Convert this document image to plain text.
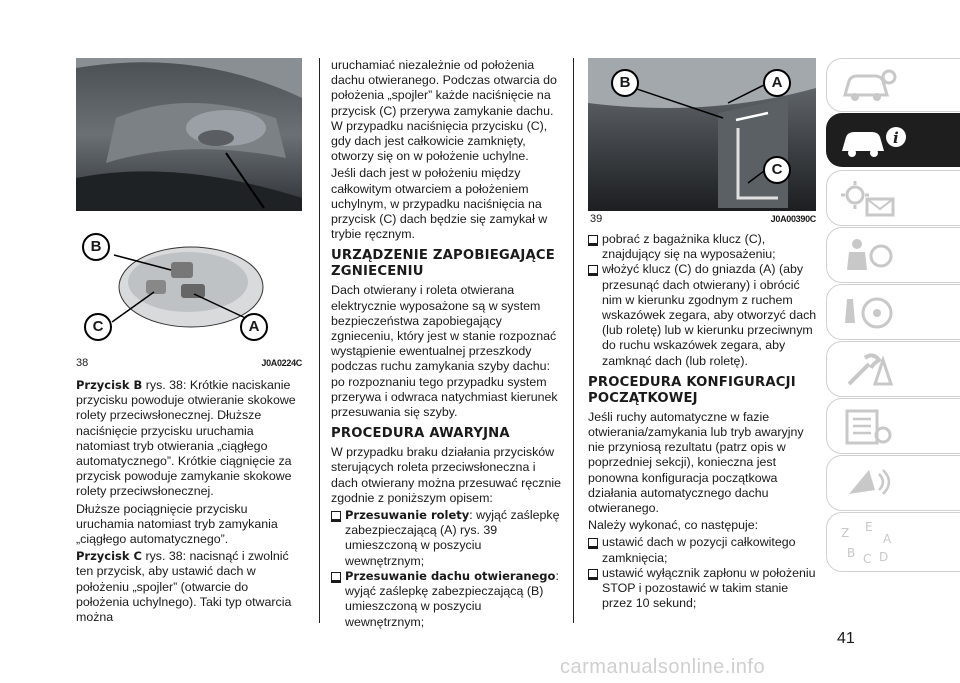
B
C	A
38	J0A0224C

Przycisk B rys. 38: Krótkie naciskanie przycisku powoduje otwieranie skokowe rolety przeciwsłonecznej. Dłuższe naciśnięcie przycisku uruchamia natomiast tryb otwierania „ciągłego automatycznego”. Krótkie ciągnięcie za przycisk powoduje zamykanie skokowe rolety przeciwsłonecznej.

Dłuższe pociągnięcie przycisku uruchamia natomiast tryb zamykania „ciągłego automatycznego”.

Przycisk C rys. 38: nacisnąć i zwolnić ten przycisk, aby ustawić dach w położeniu „spojler” (otwarcie do położenia uchylnego). Taki typ otwarcia można

uruchamiać niezależnie od położenia dachu otwieranego. Podczas otwarcia do położenia „spojler” każde naciśnięcie na przycisk (C) przerywa zamykanie dachu. W przypadku naciśnięcia przycisku (C), gdy dach jest całkowicie zamknięty, otworzy się on w położenie uchylne.

Jeśli dach jest w położeniu między całkowitym otwarciem a położeniem uchylnym, w przypadku naciśnięcia na przycisk (C) dach będzie się zamykał w trybie ręcznym.

URZĄDZENIE ZAPOBIEGAJĄCE ZGNIECENIU

Dach otwierany i roleta otwierana elektrycznie wyposażone są w system bezpieczeństwa zapobiegający zgnieceniu, który jest w stanie rozpoznać wystąpienie ewentualnej przeszkody podczas ruchu zamykania szyby dachu: po rozpoznaniu tego przypadku system przerywa i odwraca natychmiast kierunek przesuwania się szyby.

PROCEDURA AWARYJNA

W przypadku braku działania przycisków sterujących roleta przeciwsłoneczna i dach otwierany można przesuwać ręcznie zgodnie z poniższym opisem:

Przesuwanie rolety: wyjąć zaślepkę zabezpieczającą (A) rys. 39 umieszczoną w poszyciu wewnętrznym;
Przesuwanie dachu otwieranego: wyjąć zaślepkę zabezpieczającą (B) umieszczoną w poszyciu wewnętrznym;
B	A
C
39	J0A00390C
pobrać z bagażnika klucz (C), znajdujący się na wyposażeniu;
włożyć klucz (C) do gniazda (A) (aby przesunąć dach otwierany) i obrócić nim w kierunku zgodnym z ruchem wskazówek zegara, aby otworzyć dach (lub roletę) lub w kierunku przeciwnym do ruchu wskazówek zegara, aby zamknąć dach (lub roletę).
PROCEDURA KONFIGURACJI POCZĄTKOWEJ

Jeśli ruchy automatyczne w fazie otwierania/zamykania lub tryb awaryjny nie przyniosą rezultatu (patrz opis w poprzedniej sekcji), konieczna jest ponowna konfiguracja początkowa działania automatycznego dachu otwieranego.

Należy wykonać, co następuje:

ustawić dach w pozycji całkowitego zamknięcia;
ustawić wyłącznik zapłonu w położeniu STOP i pozostawić w takim stanie przez 10 sekund;
i
Z E
A
B C D
41
carmanualsonline.info
